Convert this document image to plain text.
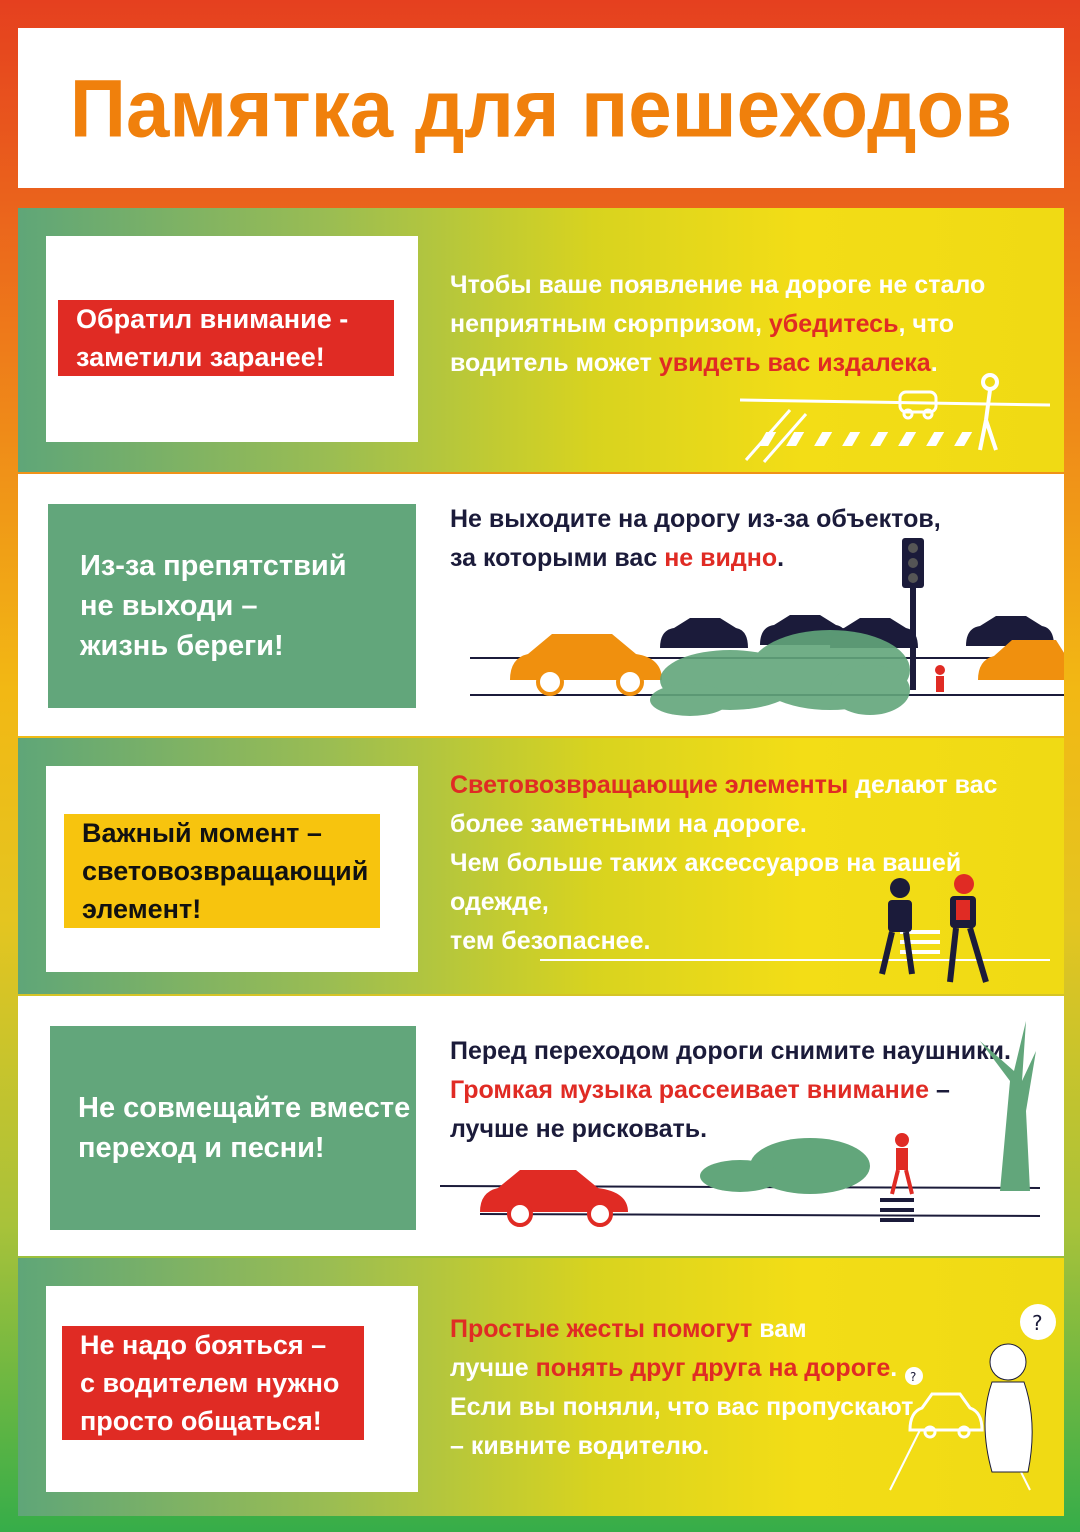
Памятка для пешеходов
Обратил внимание -
заметили заранее!
Чтобы ваше появление на дороге не стало
неприятным сюрпризом, убедитесь, что
водитель может увидеть вас издалека.
Из-за препятствий
не выходи –
жизнь береги!
Не выходите на дорогу из-за объектов,
за которыми вас не видно.
Важный момент –
световозвращающий
элемент!
Световозвращающие элементы делают вас
более заметными на дороге.
Чем больше таких аксессуаров на вашей одежде,
тем безопаснее.
Не совмещайте вместе
переход и песни!
Перед переходом дороги снимите наушники.
Громкая музыка рассеивает внимание –
лучше не рисковать.
Не надо бояться –
с водителем нужно
просто общаться!
Простые жесты помогут вам
лучше понять друг друга на дороге.
Если вы поняли, что вас пропускают
– кивните водителю.
?
?
